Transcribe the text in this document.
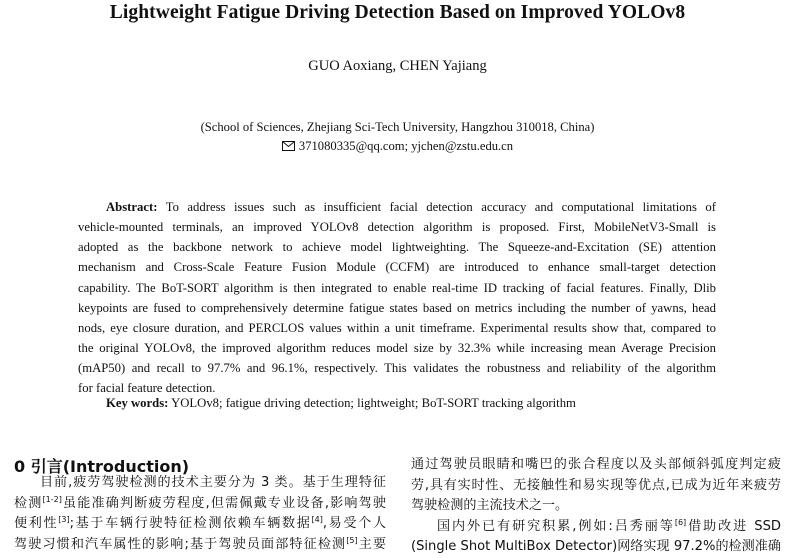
Lightweight Fatigue Driving Detection Based on Improved YOLOv8
GUO Aoxiang, CHEN Yajiang
(School of Sciences, Zhejiang Sci-Tech University, Hangzhou 310018, China)
371080335@qq.com; yjchen@zstu.edu.cn
Abstract: To address issues such as insufficient facial detection accuracy and computational limitations of
vehicle-mounted terminals, an improved YOLOv8 detection algorithm is proposed. First, MobileNetV3-Small is
adopted as the backbone network to achieve model lightweighting. The Squeeze-and-Excitation (SE) attention
mechanism and Cross-Scale Feature Fusion Module (CCFM) are introduced to enhance small-target detection
capability. The BoT-SORT algorithm is then integrated to enable real-time ID tracking of facial features. Finally, Dlib
keypoints are fused to comprehensively determine fatigue states based on metrics including the number of yawns, head
nods, eye closure duration, and PERCLOS values within a unit timeframe. Experimental results show that, compared to
the original YOLOv8, the improved algorithm reduces model size by 32.3% while increasing mean Average Precision
(mAP50) and recall to 97.7% and 96.1%, respectively. This validates the robustness and reliability of the algorithm
for facial feature detection.
Key words: YOLOv8; fatigue driving detection; lightweight; BoT-SORT tracking algorithm
0 引言(Introduction)
目前,疲劳驾驶检测的技术主要分为 3 类。基于生理特征
检测[1-2]虽能准确判断疲劳程度,但需佩戴专业设备,影响驾驶
便利性[3];基于车辆行驶特征检测依赖车辆数据[4],易受个人
驾驶习惯和汽车属性的影响;基于驾驶员面部特征检测[5]主要
通过驾驶员眼睛和嘴巴的张合程度以及头部倾斜弧度判定疲
劳,具有实时性、无接触性和易实现等优点,已成为近年来疲劳
驾驶检测的主流技术之一。
国内外已有研究积累,例如:吕秀丽等[6]借助改进 SSD
(Single Shot MultiBox Detector)网络实现 97.2%的检测准确
